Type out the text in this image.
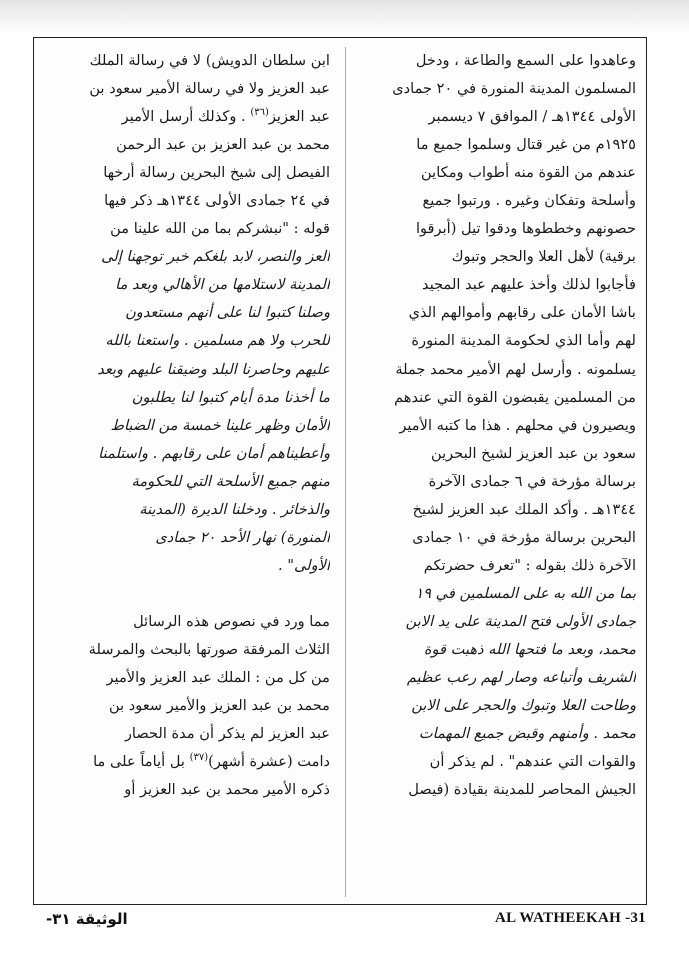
وعاهدوا على السمع والطاعة ، ودخل
المسلمون المدينة المنورة في ٢٠ جمادى
الأولى ١٣٤٤هـ / الموافق ٧ ديسمبر
١٩٢٥م من غير قتال وسلموا جميع ما
عندهم من القوة منه أطواب ومكاين
وأسلحة وتفكان وغيره . ورتبوا جميع
حصونهم وخططوها ودقوا تيل (أبرقوا
برقية) لأهل العلا والحجر وتبوك
فأجابوا لذلك وأخذ عليهم عبد المجيد
باشا الأمان على رقابهم وأموالهم الذي
لهم وأما الذي لحكومة المدينة المنورة
يسلمونه . وأرسل لهم الأمير محمد جملة
من المسلمين يقبضون القوة التي عندهم
ويصيرون في محلهم . هذا ما كتبه الأمير
سعود بن عبد العزيز لشيخ البحرين
برسالة مؤرخة في ٦ جمادى الآخرة
١٣٤٤هـ . وأكد الملك عبد العزيز لشيخ
البحرين برسالة مؤرخة في ١٠ جمادى
الآخرة ذلك بقوله : "تعرف حضرتكم
بما من الله به على المسلمين في ١٩
جمادى الأولى فتح المدينة على يد الابن
محمد، وبعد ما فتحها الله ذهبت قوة
الشريف وأتباعه وصار لهم رعب عظيم
وطاحت العلا وتبوك والحجر على الابن
محمد . وأمنهم وقبض جميع المهمات
والقوات التي عندهم" . لم يذكر أن
الجيش المحاصر للمدينة بقيادة (فيصل
ابن سلطان الدويش) لا في رسالة الملك
عبد العزيز ولا في رسالة الأمير سعود بن
عبد العزيز$^{(٣٦)}$ . وكذلك أرسل الأمير
محمد بن عبد العزيز بن عبد الرحمن
الفيصل إلى شيخ البحرين رسالة أرخها
في ٢٤ جمادى الأولى ١٣٤٤هـ ذكر فيها
قوله : "نبشركم بما من الله علينا من
العز والنصر، لابد بلغكم خبر توجهنا إلى
المدينة لاستلامها من الأهالي وبعد ما
وصلنا كتبوا لنا على أنهم مستعدون
للحرب ولا هم مسلمين . واستعنا بالله
عليهم وحاصرنا البلد وضيقنا عليهم وبعد
ما أخذنا مدة أيام كتبوا لنا يطلبون
الأمان وظهر علينا خمسة من الضباط
وأعطيناهم أمان على رقابهم . واستلمنا
منهم جميع الأسلحة التي للحكومة
والذخائر . ودخلنا الديرة (المدينة
المنورة) نهار الأحد ٢٠ جمادى
الأولى" .
مما ورد في نصوص هذه الرسائل
الثلاث المرفقة صورتها بالبحث والمرسلة
من كل من : الملك عبد العزيز والأمير
محمد بن عبد العزيز والأمير سعود بن
عبد العزيز لم يذكر أن مدة الحصار
دامت (عشرة أشهر)$^{(٣٧)}$ بل أياماً على ما
ذكره الأمير محمد بن عبد العزيز أو
AL WATHEEKAH -31
الوثيقة ٣١-
